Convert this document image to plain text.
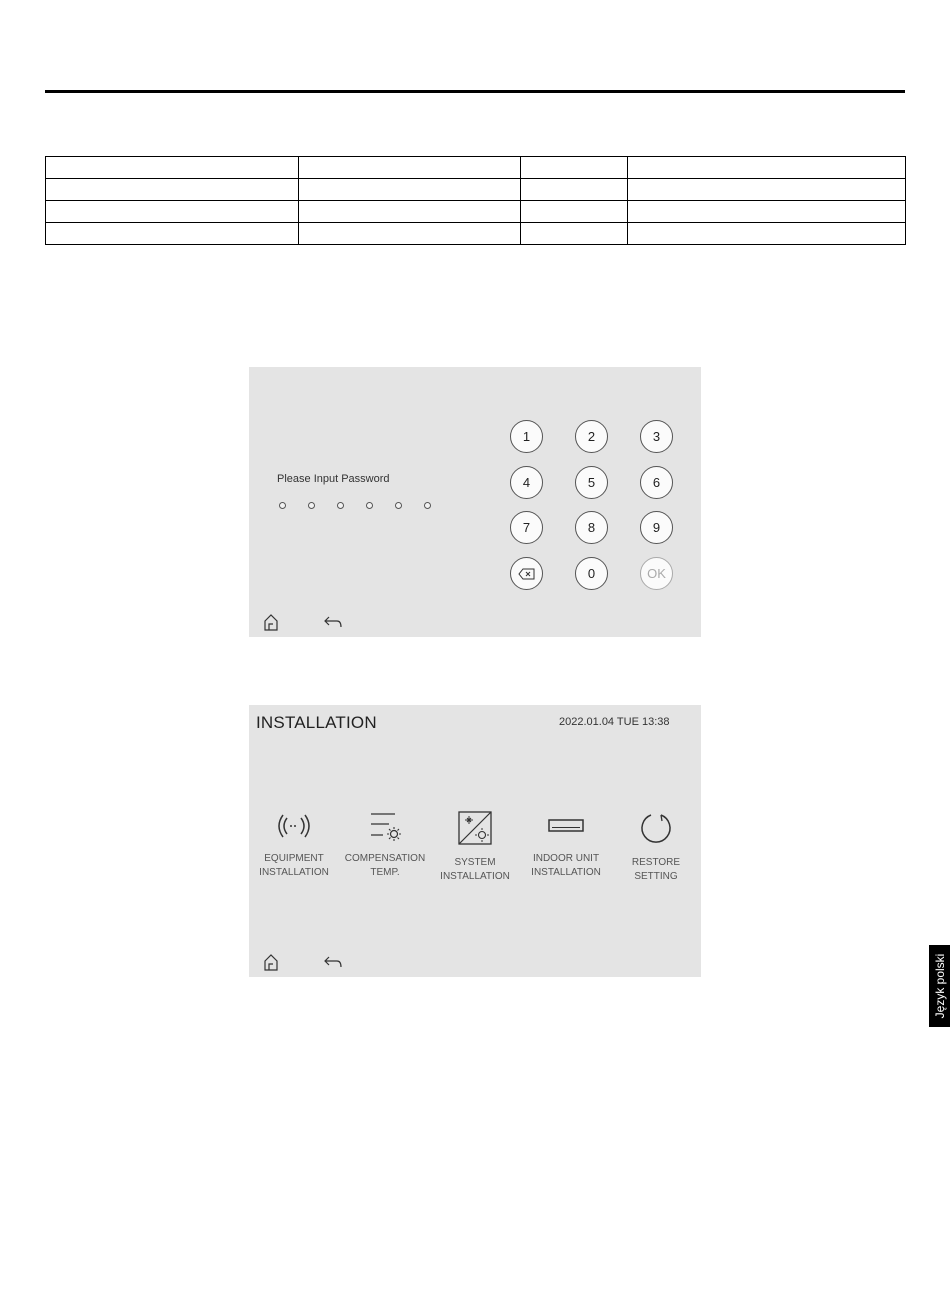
Please Input Password
1	2	3
4	5	6
7	8	9
0	OK
INSTALLATION	2022.01.04 TUE 13:38
EQUIPMENT
INSTALLATION
COMPENSATION
TEMP.
SYSTEM
INSTALLATION
INDOOR UNIT
INSTALLATION
RESTORE
SETTING
Język polski
